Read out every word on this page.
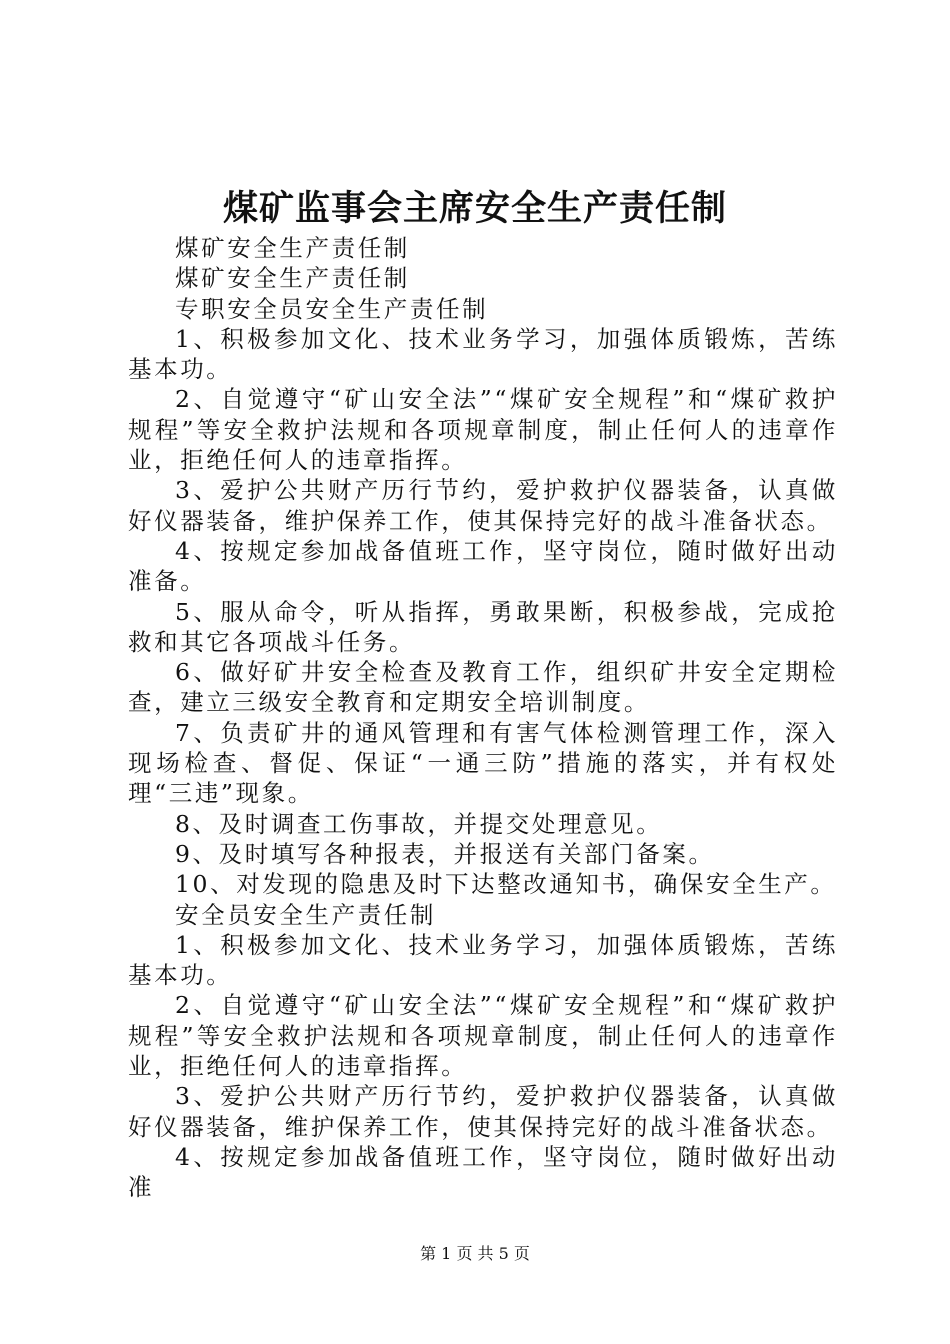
煤矿监事会主席安全生产责任制

煤矿安全生产责任制

煤矿安全生产责任制

专职安全员安全生产责任制

1、积极参加文化、技术业务学习，加强体质锻炼，苦练基本功。

2、自觉遵守“矿山安全法”“煤矿安全规程”和“煤矿救护规程”等安全救护法规和各项规章制度，制止任何人的违章作业，拒绝任何人的违章指挥。

3、爱护公共财产历行节约，爱护救护仪器装备，认真做好仪器装备，维护保养工作，使其保持完好的战斗准备状态。

4、按规定参加战备值班工作，坚守岗位，随时做好出动准备。

5、服从命令，听从指挥，勇敢果断，积极参战，完成抢救和其它各项战斗任务。

6、做好矿井安全检查及教育工作，组织矿井安全定期检查，建立三级安全教育和定期安全培训制度。

7、负责矿井的通风管理和有害气体检测管理工作，深入现场检查、督促、保证“一通三防”措施的落实，并有权处理“三违”现象。

8、及时调查工伤事故，并提交处理意见。

9、及时填写各种报表，并报送有关部门备案。

10、对发现的隐患及时下达整改通知书，确保安全生产。

安全员安全生产责任制

1、积极参加文化、技术业务学习，加强体质锻炼，苦练基本功。

2、自觉遵守“矿山安全法”“煤矿安全规程”和“煤矿救护规程”等安全救护法规和各项规章制度，制止任何人的违章作业，拒绝任何人的违章指挥。

3、爱护公共财产历行节约，爱护救护仪器装备，认真做好仪器装备，维护保养工作，使其保持完好的战斗准备状态。

4、按规定参加战备值班工作，坚守岗位，随时做好出动准

第 1 页 共 5 页
